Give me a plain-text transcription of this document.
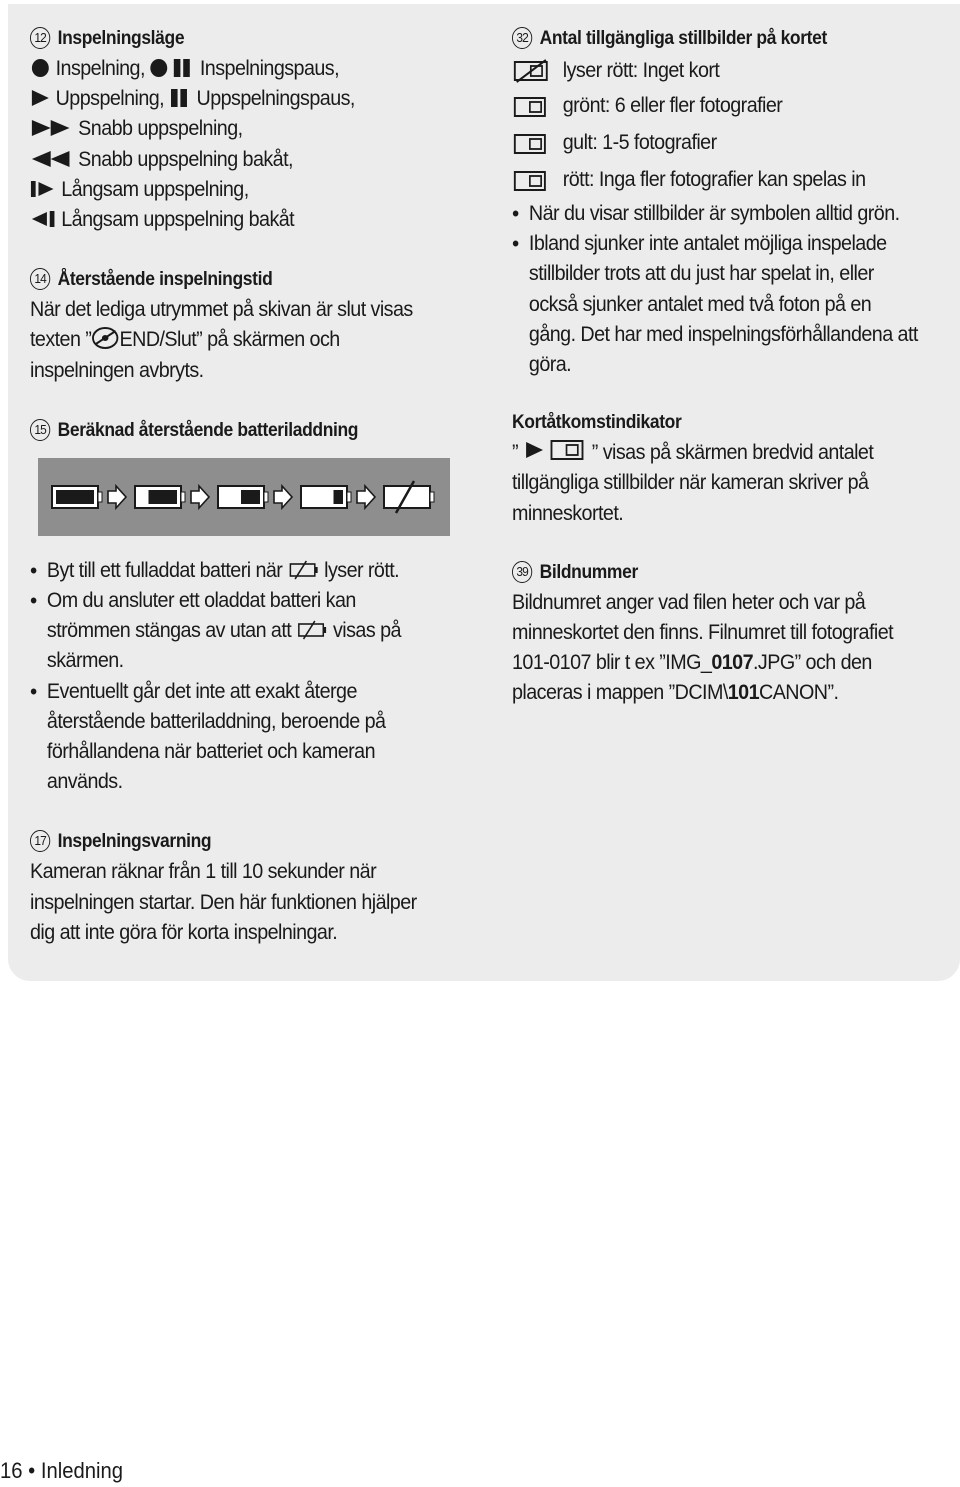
12 Inspelningsläge
Inspelning,	Inspelningspaus,
Uppspelning, Uppspelningspaus,
Snabb uppspelning,
Snabb uppspelning bakåt,
Långsam uppspelning,
Långsam uppspelning bakåt
14 Återstående inspelningstid
När det lediga utrymmet på skivan är slut visas
texten ” END/Slut” på skärmen och
inspelningen avbryts.
15 Beräknad återstående batteriladdning
• Byt till ett fulladdat batteri när lyser rött.
• Om du ansluter ett oladdat batteri kan
strömmen stängas av utan att visas på
skärmen.
• Eventuellt går det inte att exakt återge
återstående batteriladdning, beroende på
förhållandena när batteriet och kameran
används.
17 Inspelningsvarning
Kameran räknar från 1 till 10 sekunder när
inspelningen startar. Den här funktionen hjälper
dig att inte göra för korta inspelningar.
32 Antal tillgängliga stillbilder på kortet
lyser rött: Inget kort
grönt: 6 eller fler fotografier
gult: 1-5 fotografier
rött: Inga fler fotografier kan spelas in
• När du visar stillbilder är symbolen alltid grön.
• Ibland sjunker inte antalet möjliga inspelade
stillbilder trots att du just har spelat in, eller
också sjunker antalet med två foton på en
gång. Det har med inspelningsförhållandena att
göra.
Kortåtkomstindikator
”	” visas på skärmen bredvid antalet
tillgängliga stillbilder när kameran skriver på
minneskortet.
39 Bildnummer
Bildnumret anger vad filen heter och var på
minneskortet den finns. Filnumret till fotografiet
101-0107 blir t ex ”IMG_0107.JPG” och den
placeras i mappen ”DCIM\101CANON”.
16 • Inledning
